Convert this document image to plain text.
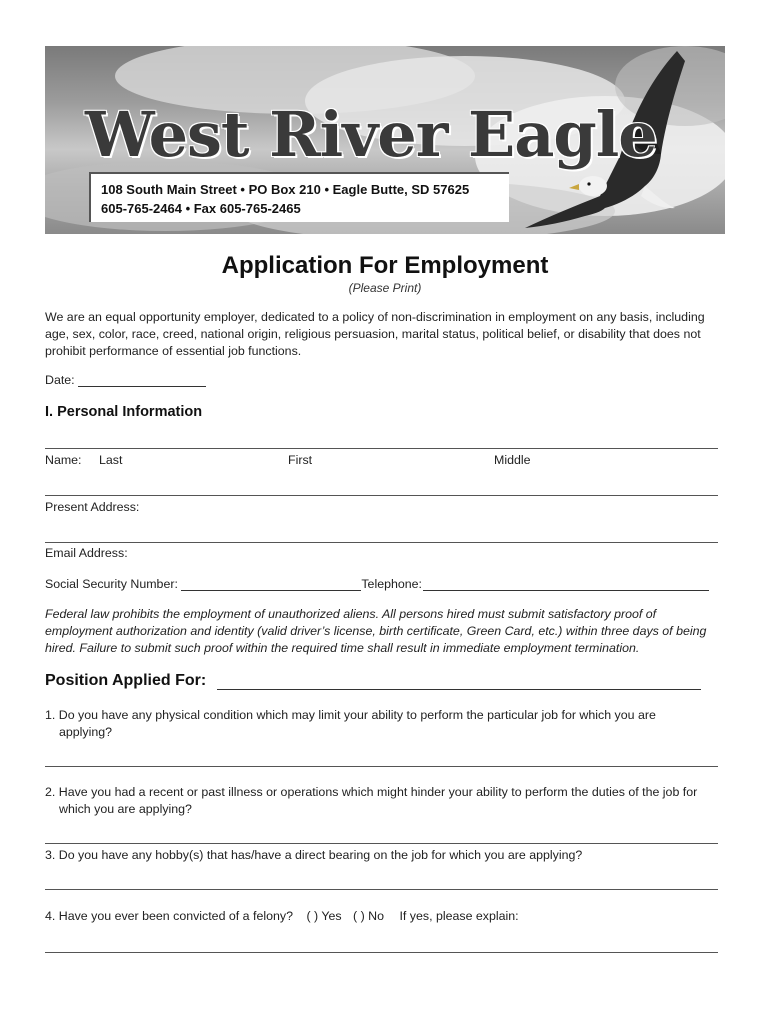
West River Eagle
108 South Main Street • PO Box 210 • Eagle Butte, SD 57625
605-765-2464 • Fax 605-765-2465
Application For Employment
(Please Print)
We are an equal opportunity employer, dedicated to a policy of non-discrimination in employment on any basis, including age, sex, color, race, creed, national origin, religious persuasion, marital status, political belief, or disability that does not prohibit performance of essential job functions.
Date:
I. Personal Information
Name: Last	First	Middle
Present Address:
Email Address:
Social Security Number:	Telephone:
Federal law prohibits the employment of unauthorized aliens. All persons hired must submit satisfactory proof of employment authorization and identity (valid driver’s license, birth certificate, Green Card, etc.) within three days of being hired. Failure to submit such proof within the required time shall result in immediate employment termination.
Position Applied For:
1. Do you have any physical condition which may limit your ability to perform the particular job for which you are
applying?
2. Have you had a recent or past illness or operations which might hinder your ability to perform the duties of the job for
which you are applying?
3. Do you have any hobby(s) that has/have a direct bearing on the job for which you are applying?
4. Have you ever been convicted of a felony? ( ) Yes ( ) No If yes, please explain:
